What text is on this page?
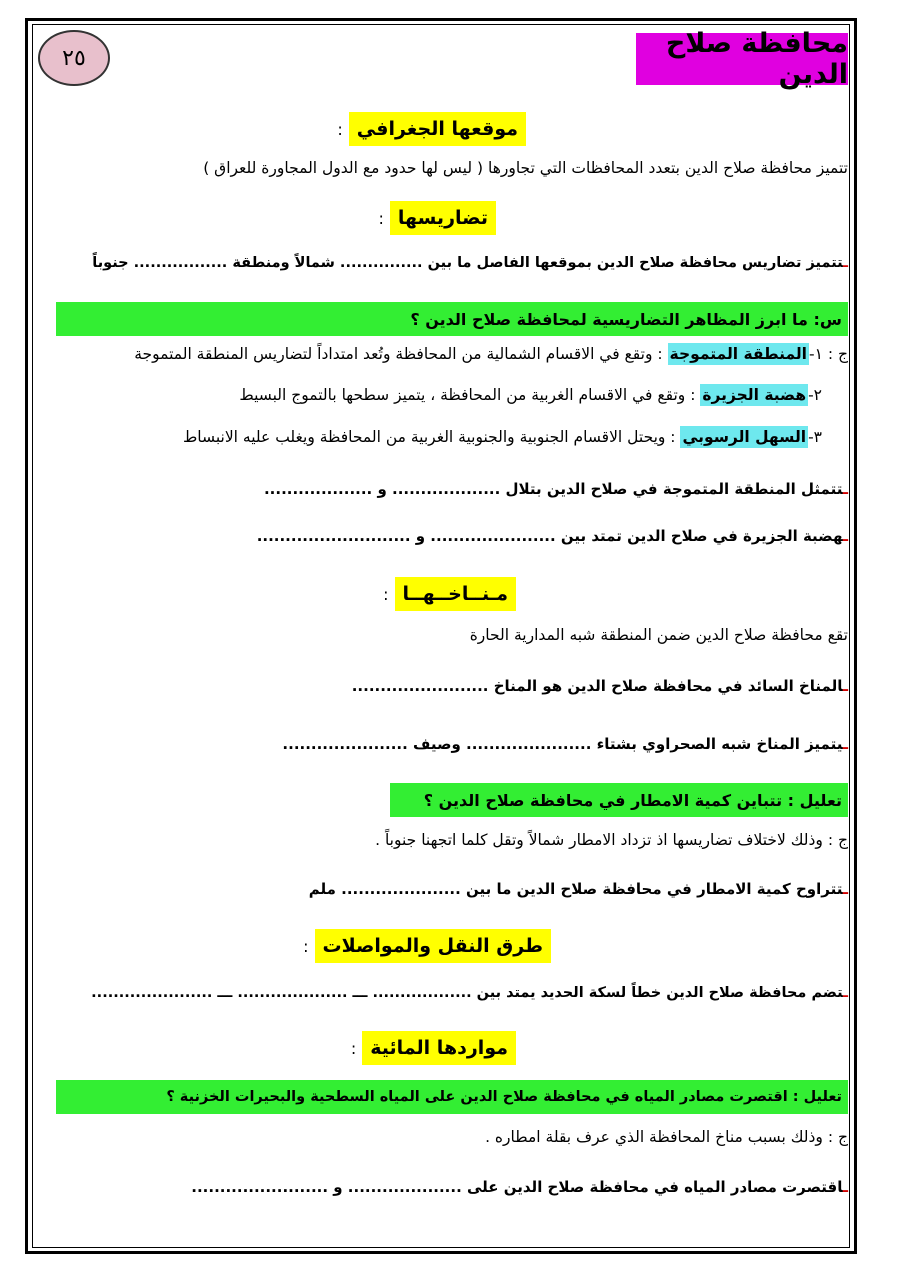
٢٥	محافظة صلاح الدين
موقعها الجغرافي:
تتميز محافظة صلاح الدين بتعدد المحافظات التي تجاورها ( ليس لها حدود مع الدول المجاورة للعراق )
تضاريسها:
ـتتميز تضاريس محافظة صلاح الدين بموقعها الفاصل ما بين ............... شمالاً ومنطقة ................. جنوباً
س: ما ابرز المظاهر التضاريسية لمحافظة صلاح الدين ؟
ج : ١-المنطقة المتموجة : وتقع في الاقسام الشمالية من المحافظة وتُعد امتداداً لتضاريس المنطقة المتموجة
٢-هضبة الجزيرة : وتقع في الاقسام الغربية من المحافظة ، يتميز سطحها بالتموج البسيط
٣-السهل الرسوبي : ويحتل الاقسام الجنوبية والجنوبية الغربية من المحافظة ويغلب عليه الانبساط
ـتتمثل المنطقة المتموجة في صلاح الدين بتلال ................... و ...................
ـهضبة الجزيرة في صلاح الدين تمتد بين ...................... و ...........................
مـنــاخــهــا:
تقع محافظة صلاح الدين ضمن المنطقة شبه المدارية الحارة
ـالمناخ السائد في محافظة صلاح الدين هو المناخ ........................
ـيتميز المناخ شبه الصحراوي بشتاء ...................... وصيف ......................
تعليل : تتباين كمية الامطار في محافظة صلاح الدين ؟
ج : وذلك لاختلاف تضاريسها اذ تزداد الامطار شمالاً وتقل كلما اتجهنا جنوباً .
ـتتراوح كمية الامطار في محافظة صلاح الدين ما بين ..................... ملم
طرق النقل والمواصلات:
ـتضم محافظة صلاح الدين خطاً لسكة الحديد يمتد بين .................. ـــ .................... ـــ ......................
مواردها المائية:
تعليل : اقتصرت مصادر المياه في محافظة صلاح الدين على المياه السطحية والبحيرات الخزنية ؟
ج : وذلك بسبب مناخ المحافظة الذي عرف بقلة امطاره .
ـاقتصرت مصادر المياه في محافظة صلاح الدين على .................... و ........................
